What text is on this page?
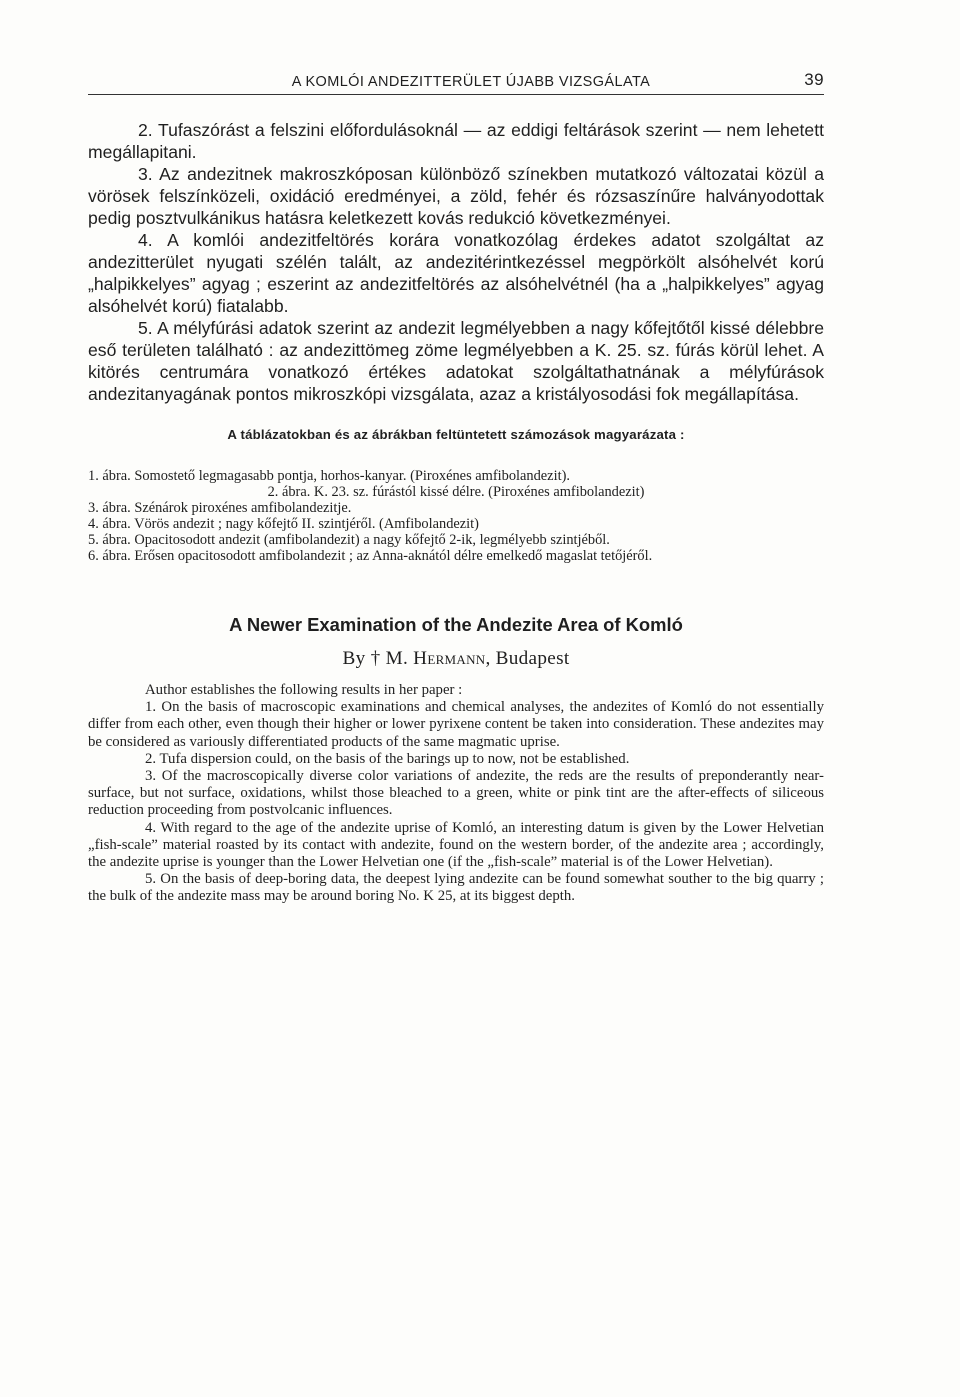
A KOMLÓI ANDEZITTERÜLET ÚJABB VIZSGÁLATA	39

2. Tufaszórást a felszini előfordulásoknál — az eddigi feltárások szerint — nem lehetett megállapitani.

3. Az andezitnek makroszkóposan különböző színekben mutatkozó változatai közül a vörösek felszínközeli, oxidáció eredményei, a zöld, fehér és rózsaszínűre halványodottak pedig posztvulkánikus hatásra keletkezett kovás redukció következményei.

4. A komlói andezitfeltörés korára vonatkozólag érdekes adatot szolgáltat az andezitterület nyugati szélén talált, az andezitérintkezéssel megpörkölt alsóhelvét korú „halpikkelyes” agyag ; eszerint az andezitfeltörés az alsóhelvétnél (ha a „halpikkelyes” agyag alsóhelvét korú) fiatalabb.

5. A mélyfúrási adatok szerint az andezit legmélyebben a nagy kőfejtőtől kissé délebbre eső területen található : az andezittömeg zöme legmélyebben a K. 25. sz. fúrás körül lehet. A kitörés centrumára vonatkozó értékes adatokat szolgáltathatnának a mélyfúrások andezitanyagának pontos mikroszkópi vizsgálata, azaz a kristályosodási fok megállapítása.

A táblázatokban és az ábrákban feltüntetett számozások magyarázata :

1. ábra. Somostető legmagasabb pontja, horhos-kanyar. (Piroxénes amfibolandezit).

2. ábra. K. 23. sz. fúrástól kissé délre. (Piroxénes amfibolandezit)

3. ábra. Szénárok piroxénes amfibolandezitje.

4. ábra. Vörös andezit ; nagy kőfejtő II. szintjéről. (Amfibolandezit)

5. ábra. Opacitosodott andezit (amfibolandezit) a nagy kőfejtő 2-ik, legmélyebb szintjéből.

6. ábra. Erősen opacitosodott amfibolandezit ; az Anna-aknától délre emelkedő magaslat tetőjéről.

A Newer Examination of the Andezite Area of Komló
By † M. Hermann, Budapest

Author establishes the following results in her paper :

1. On the basis of macroscopic examinations and chemical analyses, the andezites of Komló do not essentially differ from each other, even though their higher or lower pyrixene content be taken into consideration. These andezites may be considered as variously differentiated products of the same magmatic uprise.

2. Tufa dispersion could, on the basis of the barings up to now, not be established.

3. Of the macroscopically diverse color variations of andezite, the reds are the results of preponderantly near-surface, but not surface, oxidations, whilst those bleached to a green, white or pink tint are the after-effects of siliceous reduction proceeding from postvolcanic influences.

4. With regard to the age of the andezite uprise of Komló, an interesting datum is given by the Lower Helvetian „fish-scale” material roasted by its contact with andezite, found on the western border, of the andezite area ; accordingly, the andezite uprise is younger than the Lower Helvetian one (if the „fish-scale” material is of the Lower Helvetian).

5. On the basis of deep-boring data, the deepest lying andezite can be found somewhat souther to the big quarry ; the bulk of the andezite mass may be around boring No. K 25, at its biggest depth.
